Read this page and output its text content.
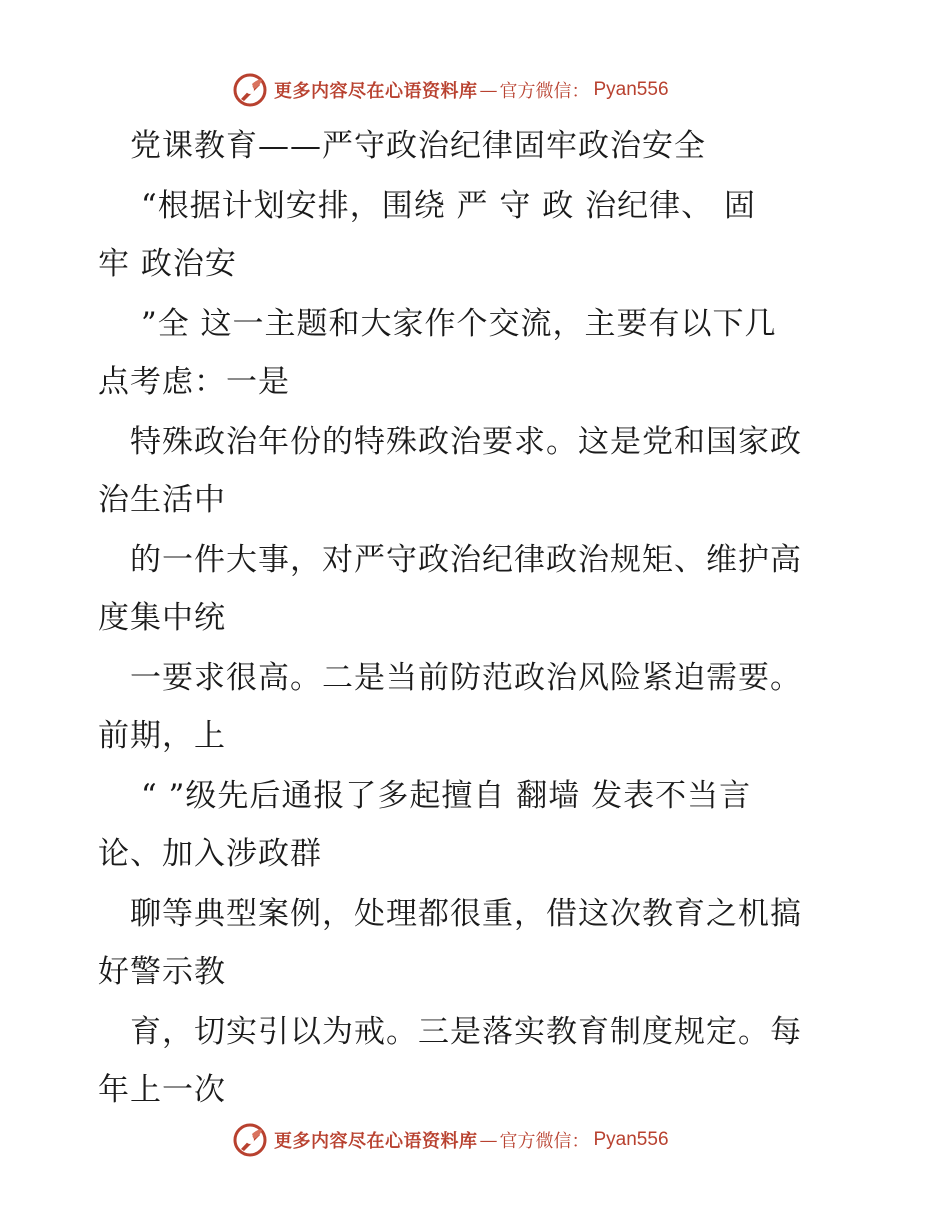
更多内容尽在心语资料库 — 官方微信 ： Pyan556
　党课教育——严守政治纪律固牢政治安全
　 “根据计划安排，围绕 严 守 政 治纪律、 固
牢 政治安
　 ”全 这一主题和大家作个交流，主要有以下几
点考虑：一是
　特殊政治年份的特殊政治要求。这是党和国家政
治生活中
　的一件大事，对严守政治纪律政治规矩、维护高
度集中统
　一要求很高。二是当前防范政治风险紧迫需要。
前期，上
　 “ ”级先后通报了多起擅自 翻墙 发表不当言
论、加入涉政群
　聊等典型案例，处理都很重，借这次教育之机搞
好警示教
　育，切实引以为戒。三是落实教育制度规定。每
年上一次
更多内容尽在心语资料库 — 官方微信 ： Pyan556
